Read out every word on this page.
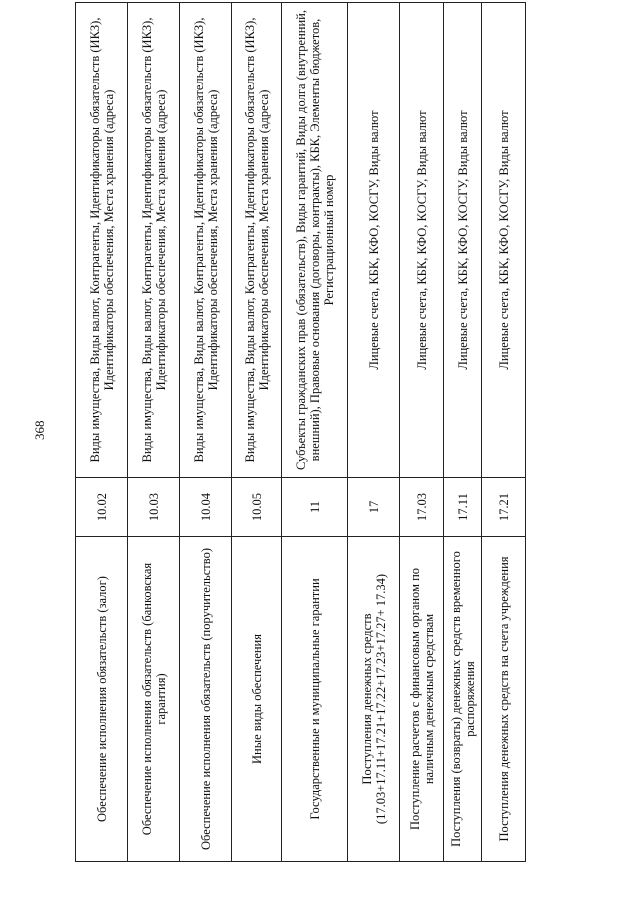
368
Обеспечение исполнения обязательств (залог)	10.02	Виды имущества, Виды валют, Контрагенты, Идентификаторы обязательств (ИКЗ), Идентификаторы обеспечения, Места хранения (адреса)
Обеспечение исполнения обязательств (банковская гарантия)	10.03	Виды имущества, Виды валют, Контрагенты, Идентификаторы обязательств (ИКЗ), Идентификаторы обеспечения, Места хранения (адреса)
Обеспечение исполнения обязательств (поручительство)	10.04	Виды имущества, Виды валют, Контрагенты, Идентификаторы обязательств (ИКЗ), Идентификаторы обеспечения, Места хранения (адреса)
Иные виды обеспечения	10.05	Виды имущества, Виды валют, Контрагенты, Идентификаторы обязательств (ИКЗ), Идентификаторы обеспечения, Места хранения (адреса)
Государственные и муниципальные гарантии	11	Субъекты гражданских прав (обязательств), Виды гарантий, Виды долга (внутренний, внешний), Правовые основания (договоры, контракты), КБК, Элементы бюджетов, Регистрационный номер
Поступления денежных средств (17.03+17.11+17.21+17.22+17.23+17.27+ 17.34)	17	Лицевые счета, КБК, КФО, КОСГУ, Виды валют
Поступление расчетов с финансовым органом по наличным денежным средствам	17.03	Лицевые счета, КБК, КФО, КОСГУ, Виды валют
Поступления (возвраты) денежных средств временного распоряжения	17.11	Лицевые счета, КБК, КФО, КОСГУ, Виды валют
Поступления денежных средств на счета учреждения	17.21	Лицевые счета, КБК, КФО, КОСГУ, Виды валют
